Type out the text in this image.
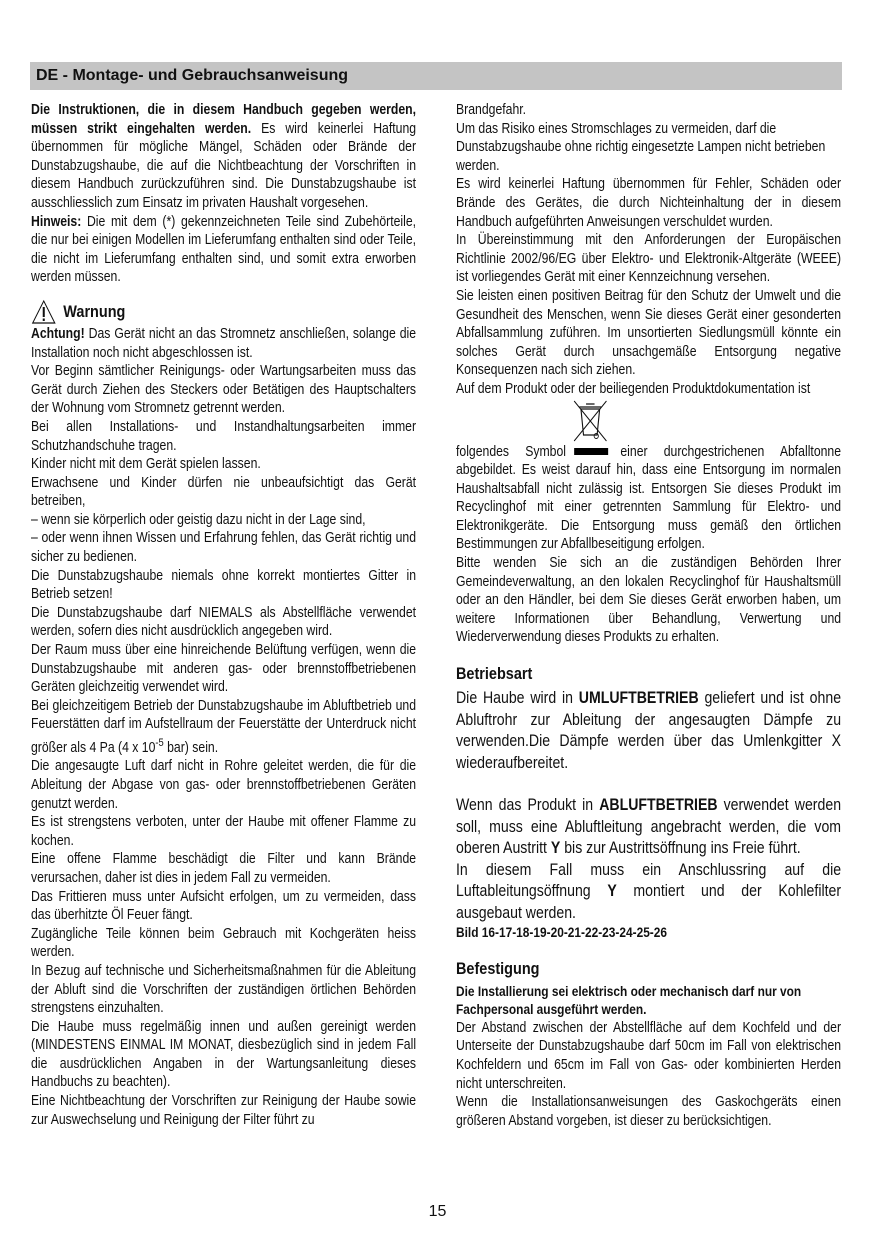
DE - Montage- und Gebrauchsanweisung

Die Instruktionen, die in diesem Handbuch gegeben werden, müssen strikt eingehalten werden. Es wird keinerlei Haftung übernommen für mögliche Mängel, Schäden oder Brände der Dunstabzugshaube, die auf die Nichtbeachtung der Vorschriften in diesem Handbuch zurückzuführen sind. Die Dunstabzugshaube ist ausschliesslich zum Einsatz im privaten Haushalt vorgesehen.

Hinweis: Die mit dem (*) gekennzeichneten Teile sind Zubehörteile, die nur bei einigen Modellen im Lieferumfang enthalten sind oder Teile, die nicht im Lieferumfang enthalten sind, und somit extra erworben werden müssen.

Warnung

Achtung! Das Gerät nicht an das Stromnetz anschließen, solange die Installation noch nicht abgeschlossen ist.

Vor Beginn sämtlicher Reinigungs- oder Wartungsarbeiten muss das Gerät durch Ziehen des Steckers oder Betätigen des Hauptschalters der Wohnung vom Stromnetz getrennt werden.

Bei allen Installations- und Instandhaltungsarbeiten immer Schutzhandschuhe tragen.

Kinder nicht mit dem Gerät spielen lassen.

Erwachsene und Kinder dürfen nie unbeaufsichtigt das Gerät betreiben,

– wenn sie körperlich oder geistig dazu nicht in der Lage sind,

– oder wenn ihnen Wissen und Erfahrung fehlen, das Gerät richtig und sicher zu bedienen.

Die Dunstabzugshaube niemals ohne korrekt montiertes Gitter in Betrieb setzen!

Die Dunstabzugshaube darf NIEMALS als Abstellfläche verwendet werden, sofern dies nicht ausdrücklich angegeben wird.

Der Raum muss über eine hinreichende Belüftung verfügen, wenn die Dunstabzugshaube mit anderen gas- oder brennstoffbetriebenen Geräten gleichzeitig verwendet wird.

Bei gleichzeitigem Betrieb der Dunstabzugshaube im Abluftbetrieb und Feuerstätten darf im Aufstellraum der Feuerstätte der Unterdruck nicht größer als 4 Pa (4 x $10^{-5}$ bar) sein.

Die angesaugte Luft darf nicht in Rohre geleitet werden, die für die Ableitung der Abgase von gas- oder brennstoffbetriebenen Geräten genutzt werden.

Es ist strengstens verboten, unter der Haube mit offener Flamme zu kochen.

Eine offene Flamme beschädigt die Filter und kann Brände verursachen, daher ist dies in jedem Fall zu vermeiden.

Das Frittieren muss unter Aufsicht erfolgen, um zu vermeiden, dass das überhitzte Öl Feuer fängt.

Zugängliche Teile können beim Gebrauch mit Kochgeräten heiss werden.

In Bezug auf technische und Sicherheitsmaßnahmen für die Ableitung der Abluft sind die Vorschriften der zuständigen örtlichen Behörden strengstens einzuhalten.

Die Haube muss regelmäßig innen und außen gereinigt werden (MINDESTENS EINMAL IM MONAT, diesbezüglich sind in jedem Fall die ausdrücklichen Angaben in der Wartungsanleitung dieses Handbuchs zu beachten).

Eine Nichtbeachtung der Vorschriften zur Reinigung der Haube sowie zur Auswechselung und Reinigung der Filter führt zu

Brandgefahr.

Um das Risiko eines Stromschlages zu vermeiden, darf die

Dunstabzugshaube ohne richtig eingesetzte Lampen nicht betrieben

werden.

Es wird keinerlei Haftung übernommen für Fehler, Schäden oder Brände des Gerätes, die durch Nichteinhaltung der in diesem Handbuch aufgeführten Anweisungen verschuldet wurden.

In Übereinstimmung mit den Anforderungen der Europäischen Richtlinie 2002/96/EG über Elektro- und Elektronik-Altgeräte (WEEE) ist vorliegendes Gerät mit einer Kennzeichnung versehen.

Sie leisten einen positiven Beitrag für den Schutz der Umwelt und die Gesundheit des Menschen, wenn Sie dieses Gerät einer gesonderten Abfallsammlung zuführen. Im unsortierten Siedlungsmüll könnte ein solches Gerät durch unsachgemäße Entsorgung negative Konsequenzen nach sich ziehen.

Auf dem Produkt oder der beiliegenden Produktdokumentation ist

folgendes Symbol	einer durchgestrichenen Abfalltonne abgebildet. Es weist darauf hin, dass eine Entsorgung im normalen Haushaltsabfall nicht zulässig ist. Entsorgen Sie dieses Produkt im Recyclinghof mit einer getrennten Sammlung für Elektro- und Elektronikgeräte. Die Entsorgung muss gemäß den örtlichen Bestimmungen zur Abfallbeseitigung erfolgen.

Bitte wenden Sie sich an die zuständigen Behörden Ihrer Gemeindeverwaltung, an den lokalen Recyclinghof für Haushaltsmüll oder an den Händler, bei dem Sie dieses Gerät erworben haben, um weitere Informationen über Behandlung, Verwertung und Wiederverwendung dieses Produkts zu erhalten.

Betriebsart

Die Haube wird in UMLUFTBETRIEB geliefert und ist ohne Abluftrohr zur Ableitung der angesaugten Dämpfe zu verwenden.Die Dämpfe werden über das Umlenkgitter X wiederaufbereitet.

Wenn das Produkt in ABLUFTBETRIEB verwendet werden soll, muss eine Abluftleitung angebracht werden, die vom oberen Austritt Y bis zur Austrittsöffnung ins Freie führt.

In diesem Fall muss ein Anschlussring auf die Luftableitungsöffnung Y montiert und der Kohlefilter ausgebaut werden.

Bild 16-17-18-19-20-21-22-23-24-25-26

Befestigung

Die Installierung sei elektrisch oder mechanisch darf nur von Fachpersonal ausgeführt werden.

Der Abstand zwischen der Abstellfläche auf dem Kochfeld und der Unterseite der Dunstabzugshaube darf 50cm im Fall von elektrischen Kochfeldern und 65cm im Fall von Gas- oder kombinierten Herden nicht unterschreiten.

Wenn die Installationsanweisungen des Gaskochgeräts einen größeren Abstand vorgeben, ist dieser zu berücksichtigen.

15
